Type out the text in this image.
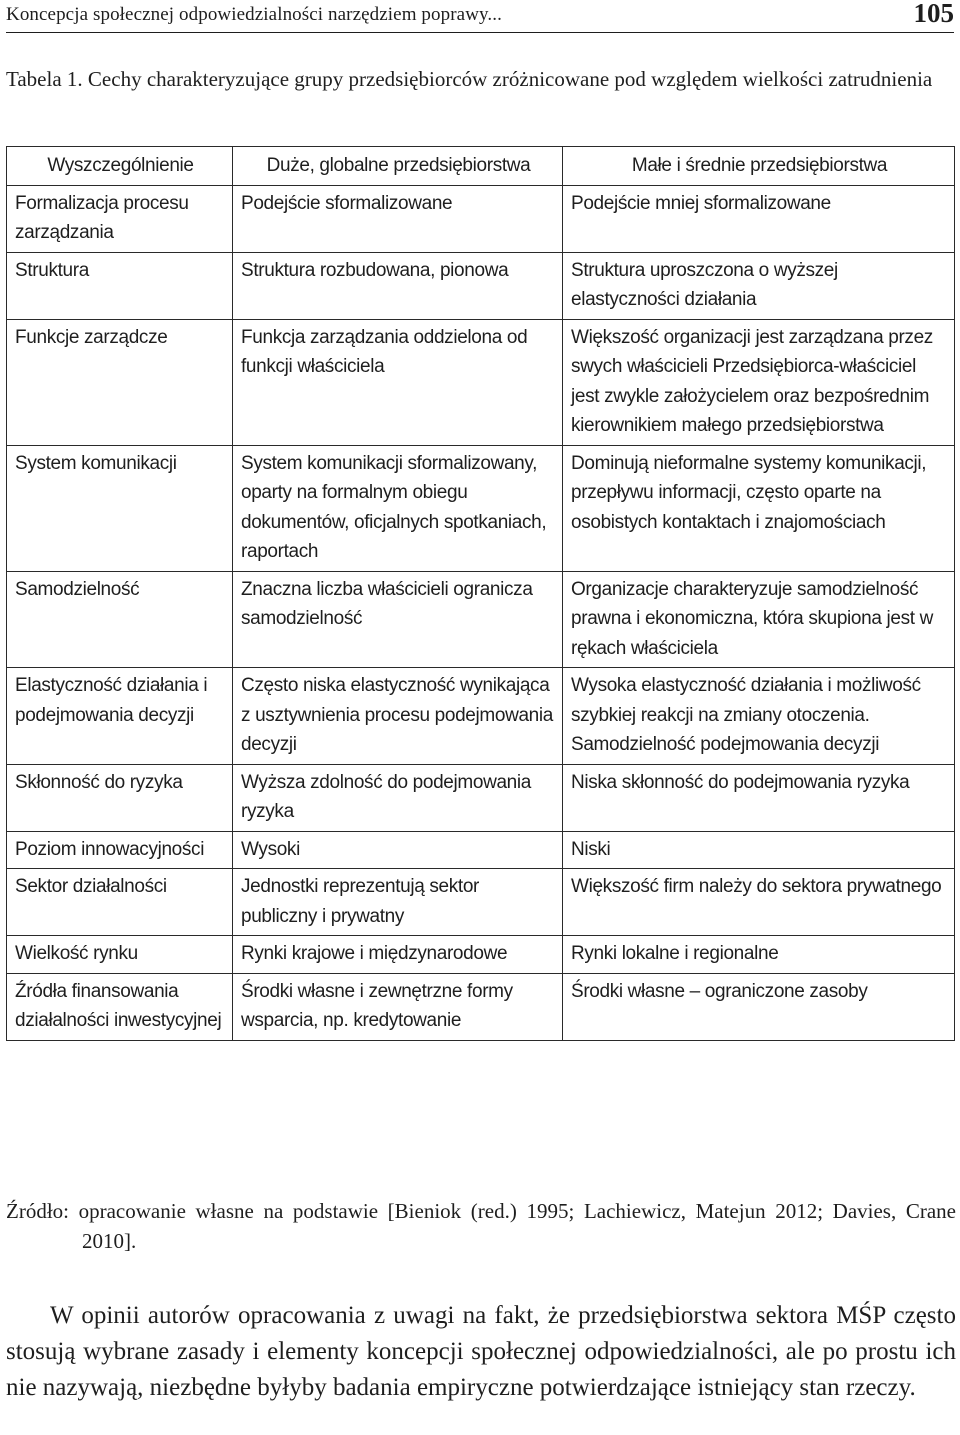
Koncepcja społecznej odpowiedzialności narzędziem poprawy...	105
Tabela 1. Cechy charakteryzujące grupy przedsiębiorców zróżnicowane pod względem wielkości zatrudnienia
Wyszczególnienie	Duże, globalne przedsiębiorstwa	Małe i średnie przedsiębiorstwa
Formalizacja procesu zarządzania	Podejście sformalizowane	Podejście mniej sformalizowane
Struktura	Struktura rozbudowana, pionowa	Struktura uproszczona o wyższej elastyczności działania
Funkcje zarządcze	Funkcja zarządzania oddzielona od funkcji właściciela	Większość organizacji jest zarządzana przez swych właścicieli Przedsiębiorca-właściciel jest zwykle założycielem oraz bezpośrednim kierownikiem małego przedsiębiorstwa
System komunikacji	System komunikacji sformalizowany, oparty na formalnym obiegu dokumentów, oficjalnych spotkaniach, raportach	Dominują nieformalne systemy komunikacji, przepływu informacji, często oparte na osobistych kontaktach i znajomościach
Samodzielność	Znaczna liczba właścicieli ogranicza samodzielność	Organizacje charakteryzuje samodzielność prawna i ekonomiczna, która skupiona jest w rękach właściciela
Elastyczność działania i podejmowania decyzji	Często niska elastyczność wynikająca z usztywnienia procesu podejmowania decyzji	Wysoka elastyczność działania i możliwość szybkiej reakcji na zmiany otoczenia. Samodzielność podejmowania decyzji
Skłonność do ryzyka	Wyższa zdolność do podejmowania ryzyka	Niska skłonność do podejmowania ryzyka
Poziom innowacyjności	Wysoki	Niski
Sektor działalności	Jednostki reprezentują sektor publiczny i prywatny	Większość firm należy do sektora prywatnego
Wielkość rynku	Rynki krajowe i międzynarodowe	Rynki lokalne i regionalne
Źródła finansowania działalności inwestycyjnej	Środki własne i zewnętrzne formy wsparcia, np. kredytowanie	Środki własne – ograniczone zasoby
Źródło: opracowanie własne na podstawie [Bieniok (red.) 1995; Lachiewicz, Matejun 2012; Davies, Crane 2010].
W opinii autorów opracowania z uwagi na fakt, że przedsiębiorstwa sektora MŚP często stosują wybrane zasady i elementy koncepcji społecznej odpowiedzialności, ale po prostu ich nie nazywają, niezbędne byłyby badania empiryczne potwierdzające istniejący stan rzeczy.
